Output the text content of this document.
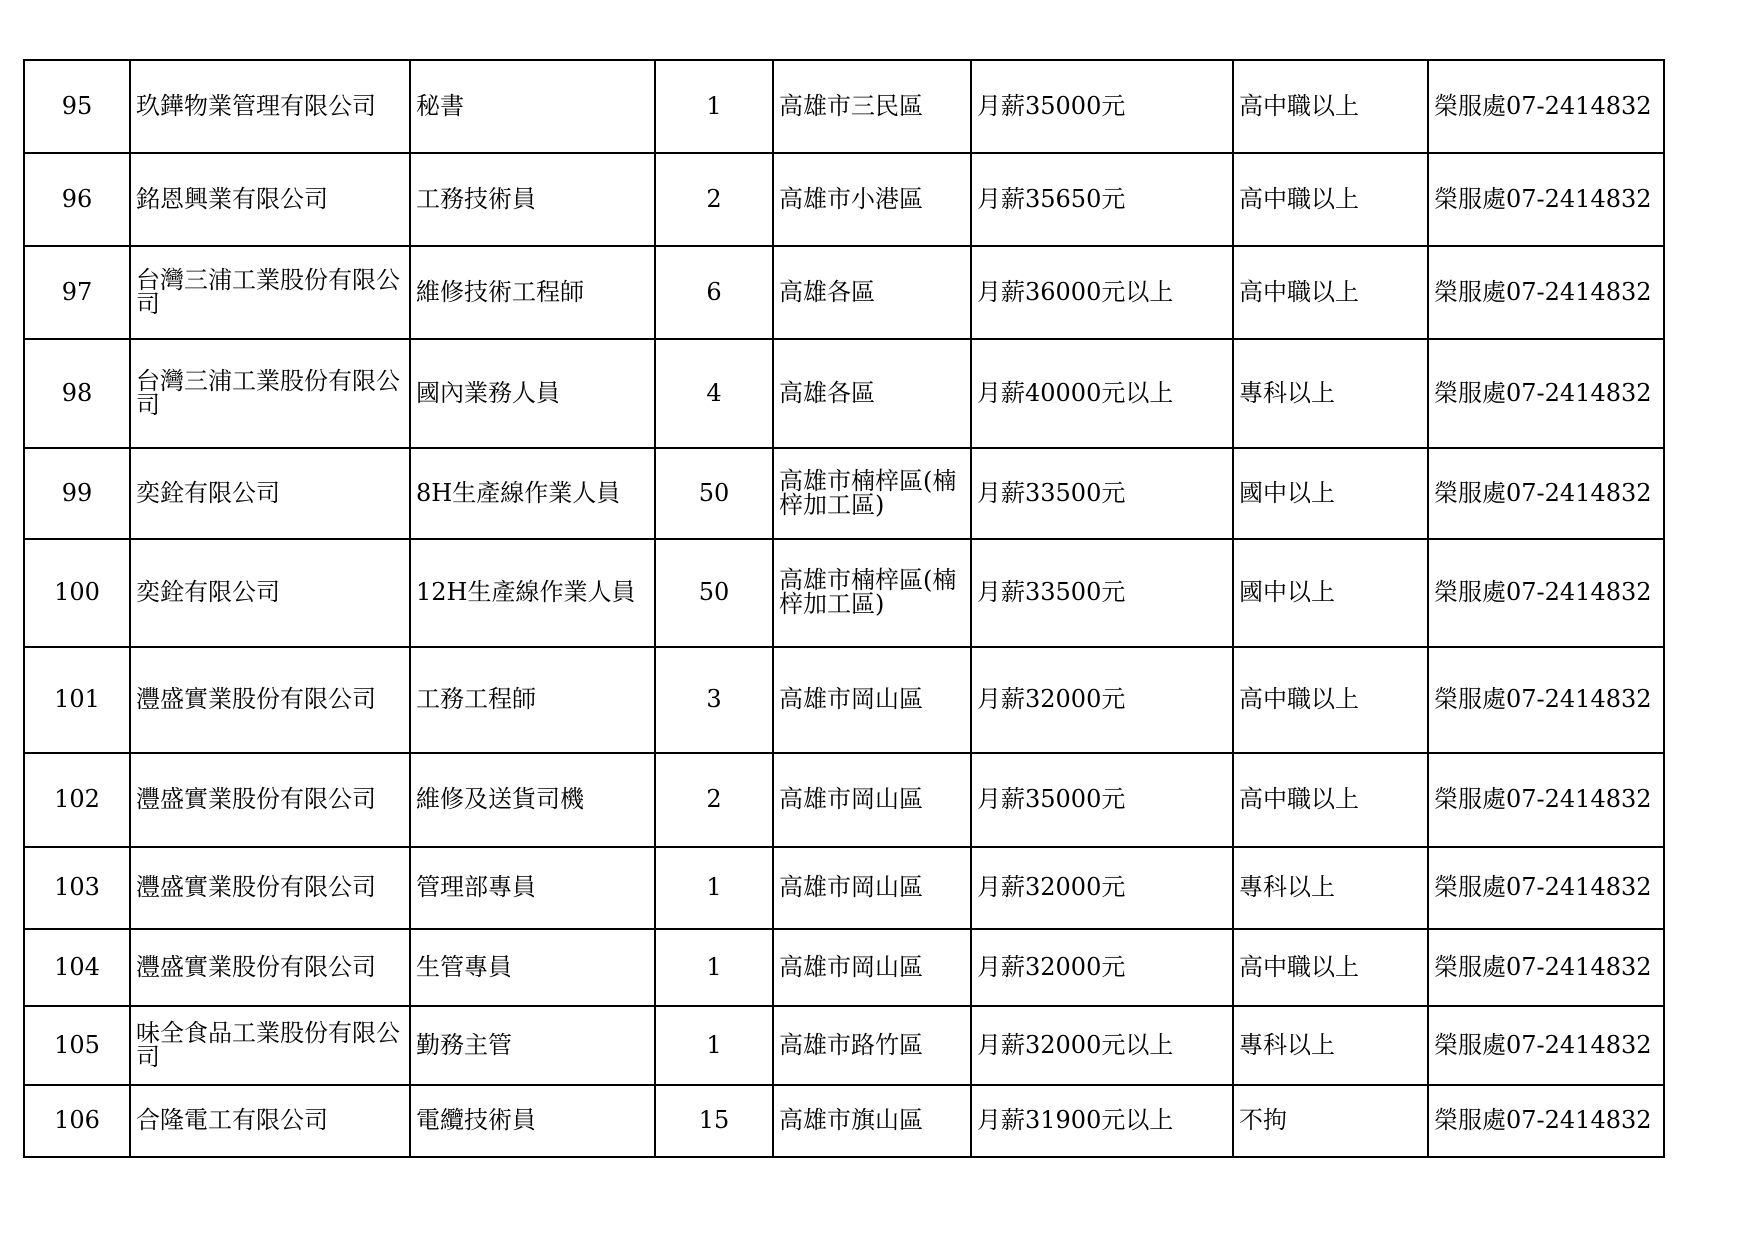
95	玖鏵物業管理有限公司	秘書	1	高雄市三民區	月薪35000元	高中職以上	榮服處07-2414832
96	銘恩興業有限公司	工務技術員	2	高雄市小港區	月薪35650元	高中職以上	榮服處07-2414832
97	台灣三浦工業股份有限公司	維修技術工程師	6	高雄各區	月薪36000元以上	高中職以上	榮服處07-2414832
98	台灣三浦工業股份有限公司	國內業務人員	4	高雄各區	月薪40000元以上	專科以上	榮服處07-2414832
99	奕銓有限公司	8H生產線作業人員	50	高雄市楠梓區(楠梓加工區)	月薪33500元	國中以上	榮服處07-2414832
100	奕銓有限公司	12H生產線作業人員	50	高雄市楠梓區(楠梓加工區)	月薪33500元	國中以上	榮服處07-2414832
101	灃盛實業股份有限公司	工務工程師	3	高雄市岡山區	月薪32000元	高中職以上	榮服處07-2414832
102	灃盛實業股份有限公司	維修及送貨司機	2	高雄市岡山區	月薪35000元	高中職以上	榮服處07-2414832
103	灃盛實業股份有限公司	管理部專員	1	高雄市岡山區	月薪32000元	專科以上	榮服處07-2414832
104	灃盛實業股份有限公司	生管專員	1	高雄市岡山區	月薪32000元	高中職以上	榮服處07-2414832
105	味全食品工業股份有限公司	勤務主管	1	高雄市路竹區	月薪32000元以上	專科以上	榮服處07-2414832
106	合隆電工有限公司	電纜技術員	15	高雄市旗山區	月薪31900元以上	不拘	榮服處07-2414832
